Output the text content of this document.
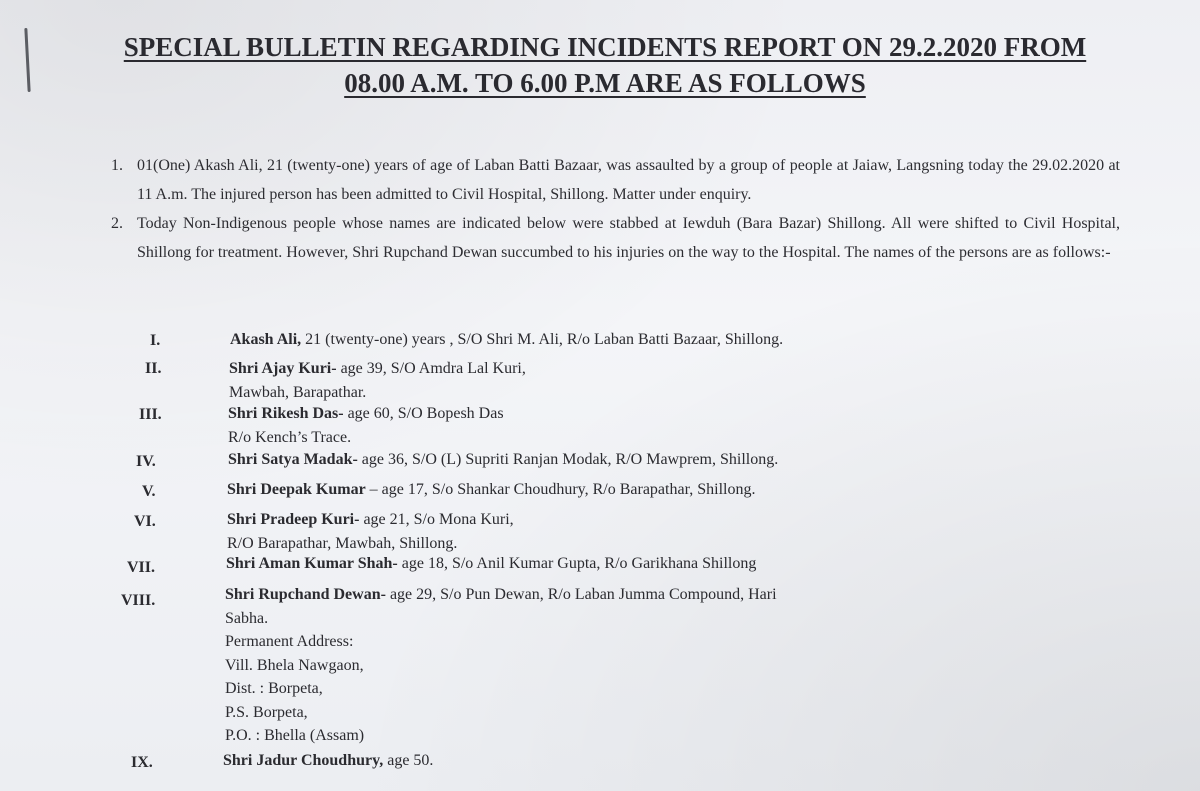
SPECIAL BULLETIN REGARDING INCIDENTS REPORT ON 29.2.2020 FROM
08.00 A.M. TO 6.00 P.M ARE AS FOLLOWS
1. 01(One) Akash Ali, 21 (twenty-one) years of age of Laban Batti Bazaar, was assaulted by a group of people at Jaiaw, Langsning today the 29.02.2020 at 11 A.m. The injured person has been admitted to Civil Hospital, Shillong. Matter under enquiry.
2. Today Non-Indigenous people whose names are indicated below were stabbed at Iewduh (Bara Bazar) Shillong. All were shifted to Civil Hospital, Shillong for treatment. However, Shri Rupchand Dewan succumbed to his injuries on the way to the Hospital. The names of the persons are as follows:-
I.	Akash Ali, 21 (twenty-one) years , S/O Shri M. Ali, R/o Laban Batti Bazaar, Shillong.
II.	Shri Ajay Kuri- age 39, S/O Amdra Lal Kuri,
Mawbah, Barapathar.
III.	Shri Rikesh Das- age 60, S/O Bopesh Das
R/o Kench’s Trace.
IV.	Shri Satya Madak- age 36, S/O (L) Supriti Ranjan Modak, R/O Mawprem, Shillong.
V.	Shri Deepak Kumar – age 17, S/o Shankar Choudhury, R/o Barapathar, Shillong.
VI.	Shri Pradeep Kuri- age 21, S/o Mona Kuri,
R/O Barapathar, Mawbah, Shillong.
VII.	Shri Aman Kumar Shah- age 18, S/o Anil Kumar Gupta, R/o Garikhana Shillong
VIII.	Shri Rupchand Dewan- age 29, S/o Pun Dewan, R/o Laban Jumma Compound, Hari
Sabha.
Permanent Address:
Vill. Bhela Nawgaon,
Dist. : Borpeta,
P.S. Borpeta,
P.O. : Bhella (Assam)
IX.	Shri Jadur Choudhury, age 50.
